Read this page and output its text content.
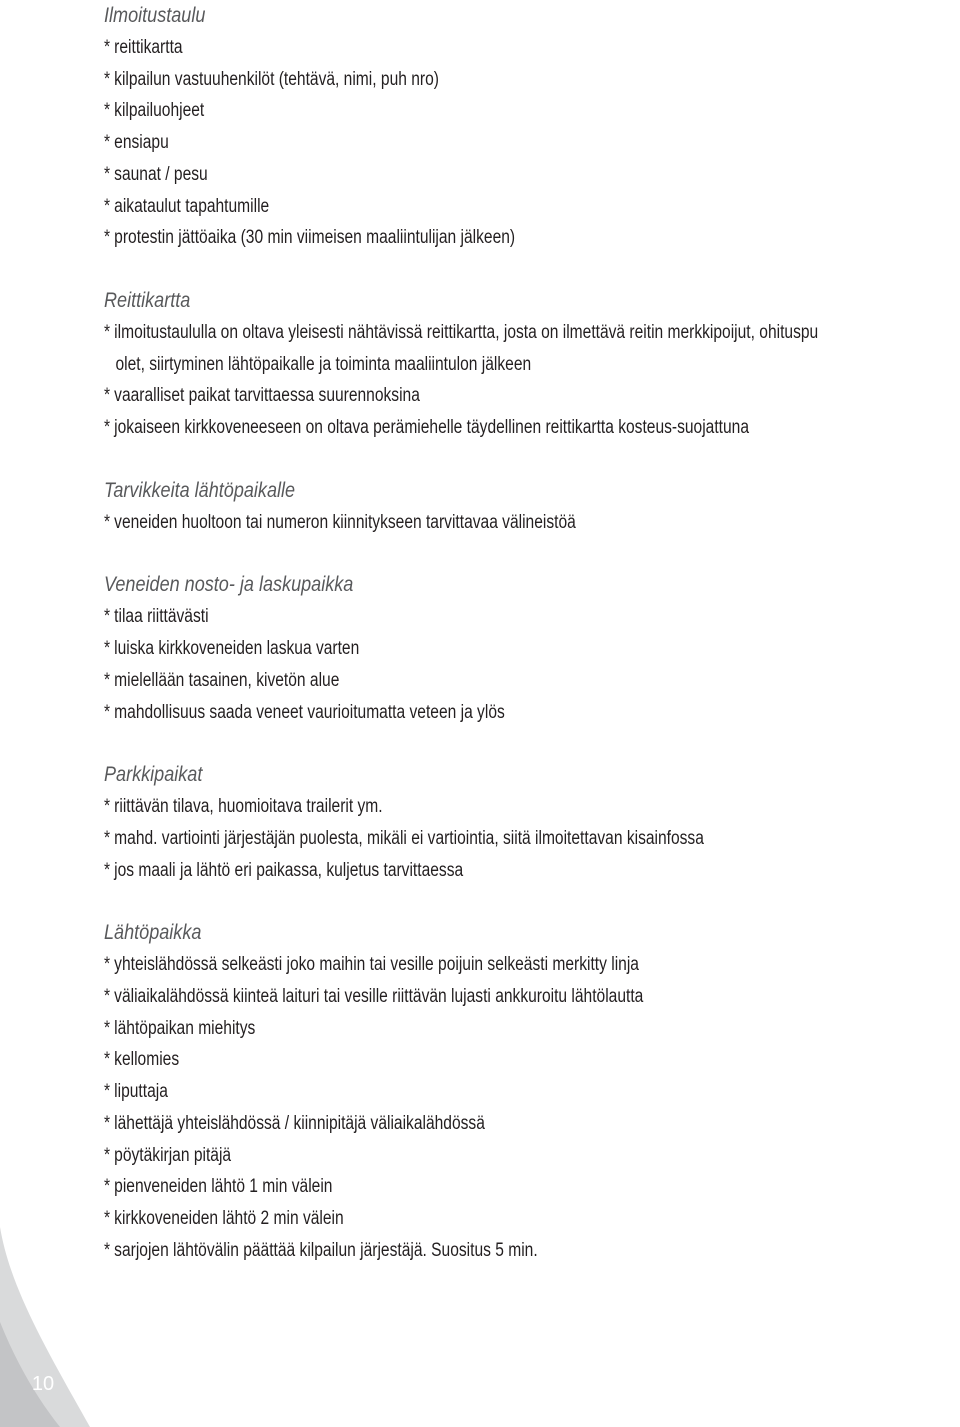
Ilmoitustaulu
* reittikartta
* kilpailun vastuuhenkilöt (tehtävä, nimi, puh nro)
* kilpailuohjeet
* ensiapu
* saunat / pesu
* aikataulut tapahtumille
* protestin jättöaika (30 min viimeisen maaliintulijan jälkeen)
Reittikartta
* ilmoitustaululla on oltava yleisesti nähtävissä reittikartta, josta on ilmettävä reitin merkkipoijut, ohituspu
olet, siirtyminen lähtöpaikalle ja toiminta maaliintulon jälkeen
* vaaralliset paikat tarvittaessa suurennoksina
* jokaiseen kirkkoveneeseen on oltava perämiehelle täydellinen reittikartta kosteus-suojattuna
Tarvikkeita lähtöpaikalle
* veneiden huoltoon tai numeron kiinnitykseen tarvittavaa välineistöä
Veneiden nosto- ja laskupaikka
* tilaa riittävästi
* luiska kirkkoveneiden laskua varten
* mielellään tasainen, kivetön alue
* mahdollisuus saada veneet vaurioitumatta veteen ja ylös
Parkkipaikat
* riittävän tilava, huomioitava trailerit ym.
* mahd. vartiointi järjestäjän puolesta, mikäli ei vartiointia, siitä ilmoitettavan kisainfossa
* jos maali ja lähtö eri paikassa, kuljetus tarvittaessa
Lähtöpaikka
* yhteislähdössä selkeästi joko maihin tai vesille poijuin selkeästi merkitty linja
* väliaikalähdössä kiinteä laituri tai vesille riittävän lujasti ankkuroitu lähtölautta
* lähtöpaikan miehitys
* kellomies
* liputtaja
* lähettäjä yhteislähdössä / kiinnipitäjä väliaikalähdössä
* pöytäkirjan pitäjä
* pienveneiden lähtö 1 min välein
* kirkkoveneiden lähtö 2 min välein
* sarjojen lähtövälin päättää kilpailun järjestäjä. Suositus 5 min.
10
